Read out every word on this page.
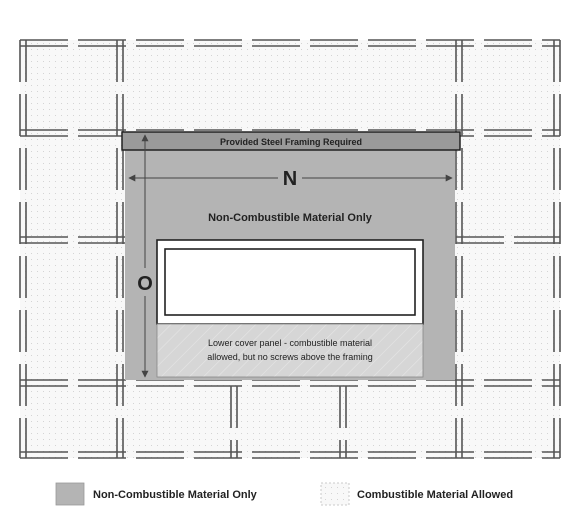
Provided Steel Framing Required
N
O
Non-Combustible Material Only
Lower cover panel - combustible material
allowed, but no screws above the framing
Non-Combustible Material Only	Combustible Material Allowed
